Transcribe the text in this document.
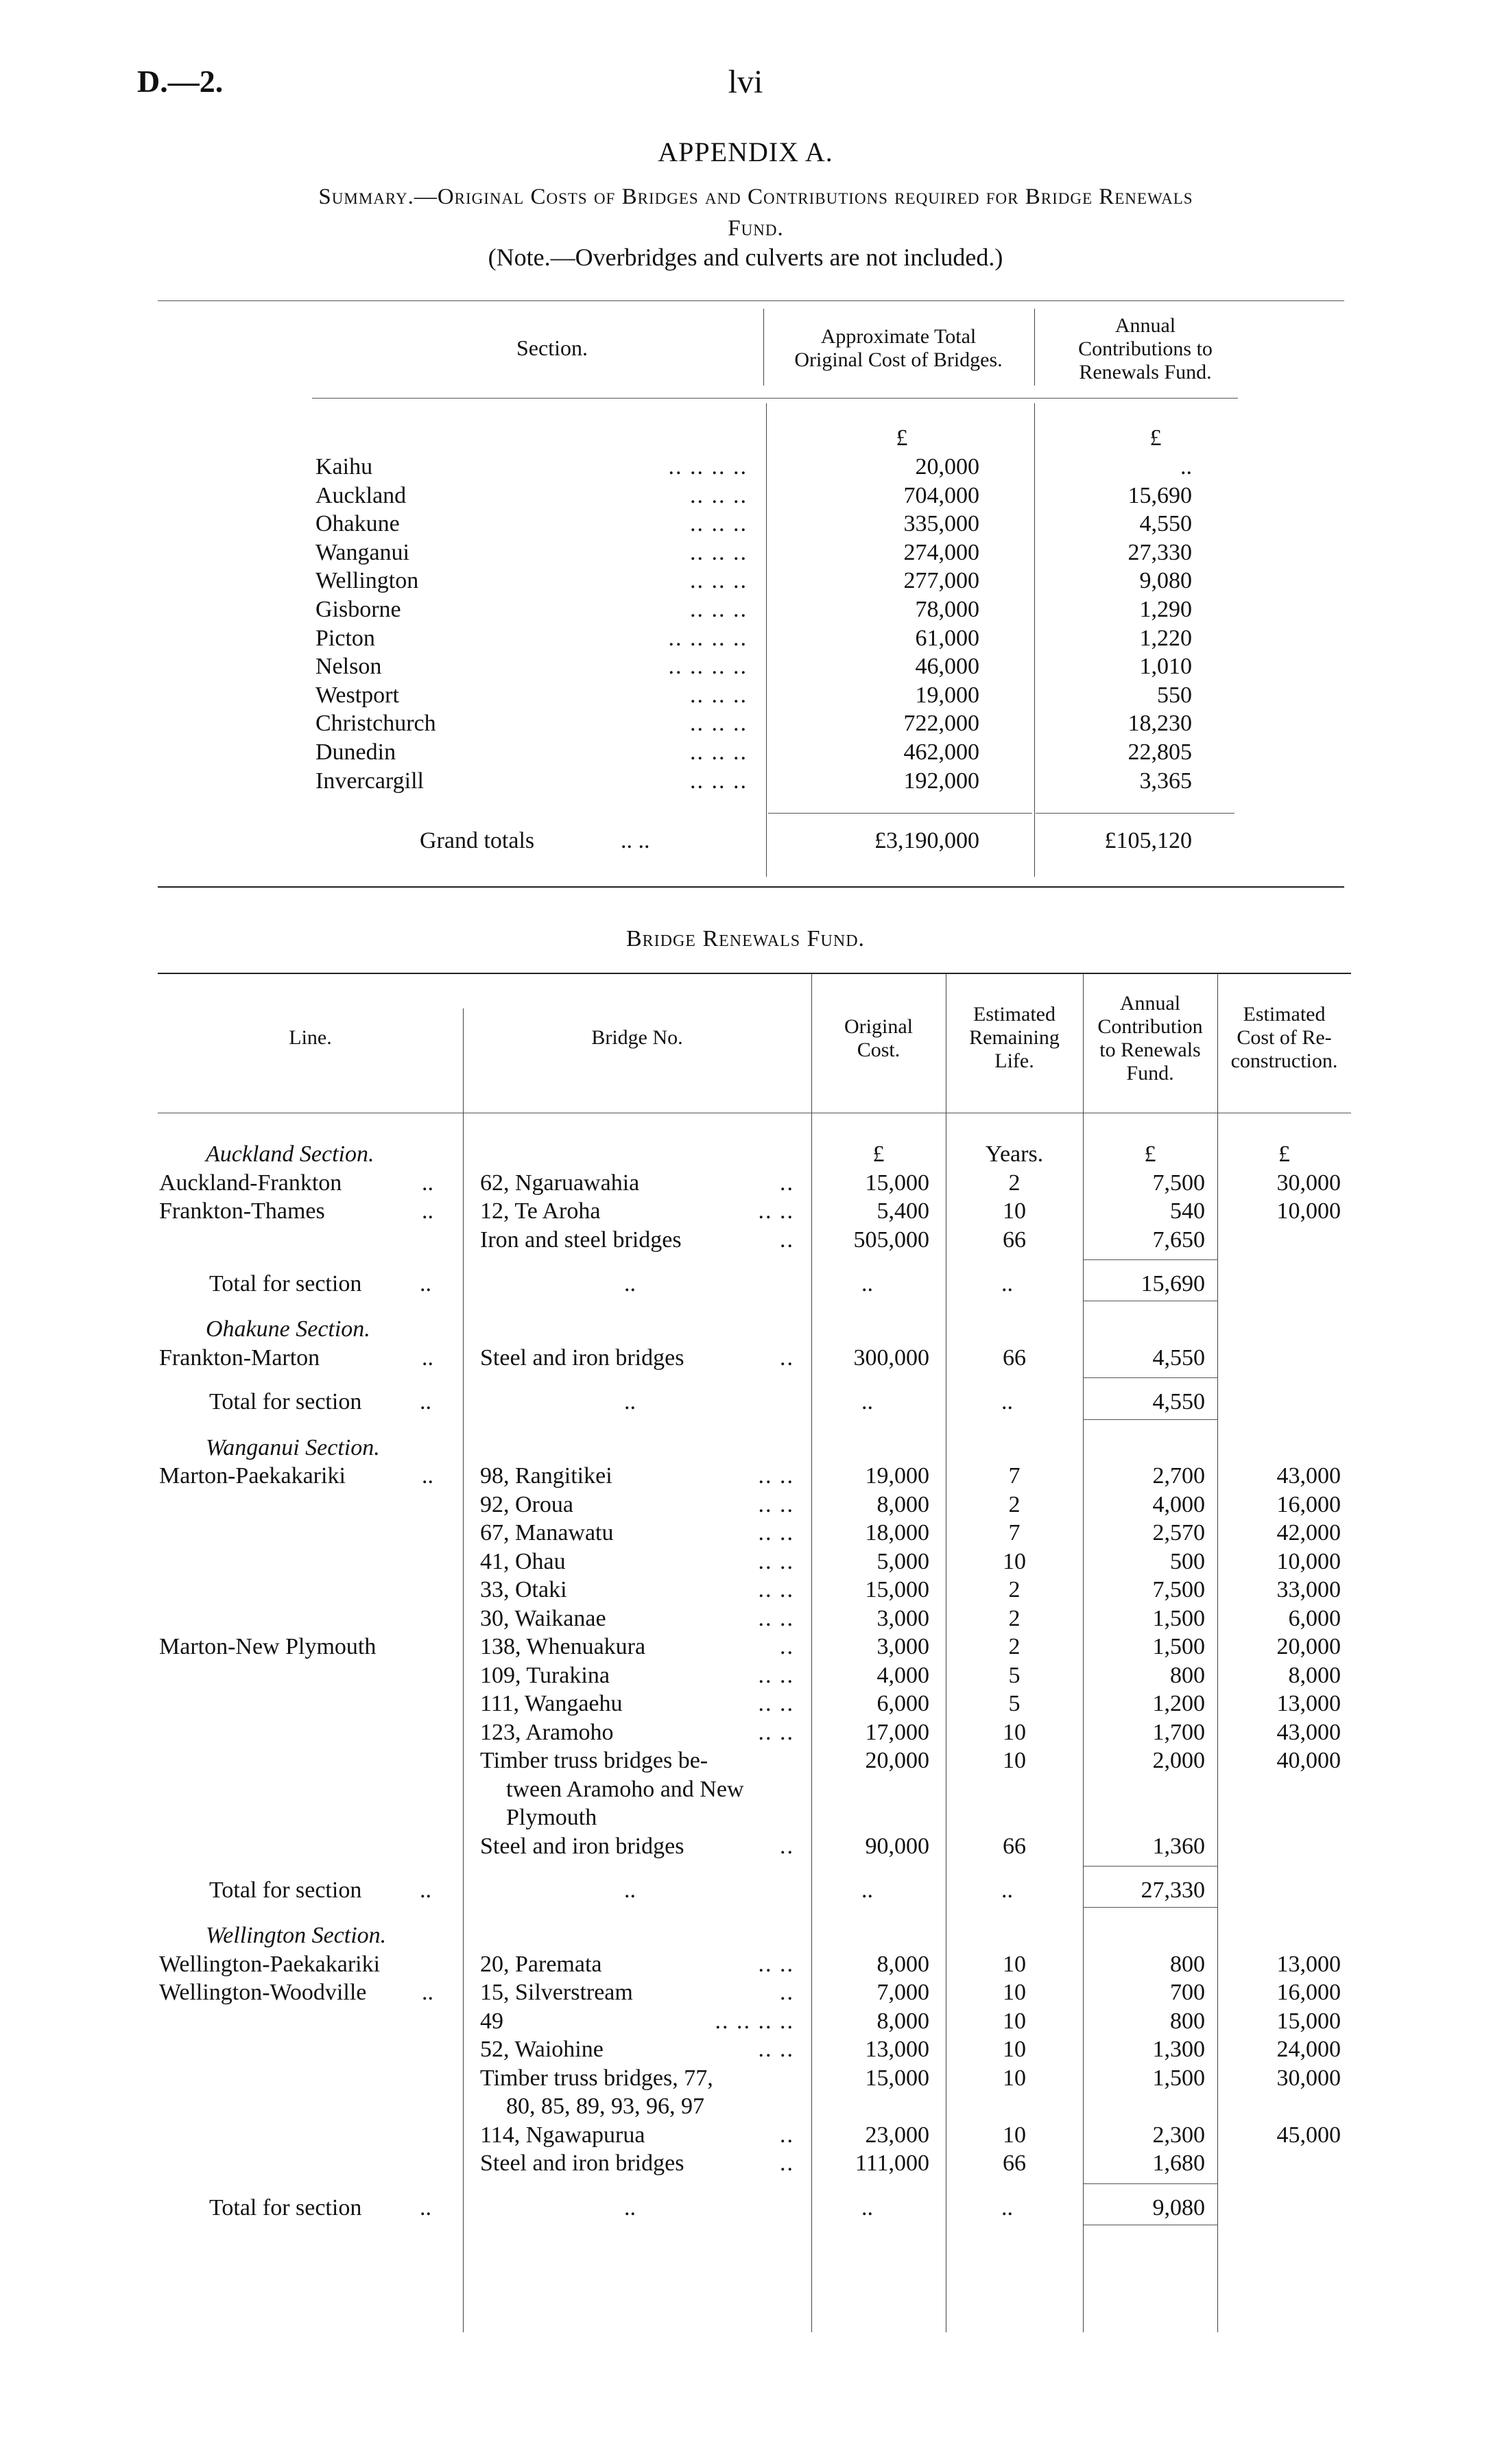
D.—2.	lvi
APPENDIX A.
Summary.—Original Costs of Bridges and Contributions required for Bridge Renewals
Fund.
(Note.—Overbridges and culverts are not included.)
Section.	Approximate Total
Original Cost of Bridges.
Annual
Contributions to
Renewals Fund.
£	£
Kaihu	.. .. .. ..	20,000	..
Auckland	.. .. ..	704,000	15,690
Ohakune	.. .. ..	335,000	4,550
Wanganui	.. .. ..	274,000	27,330
Wellington	.. .. ..	277,000	9,080
Gisborne	.. .. ..	78,000	1,290
Picton	.. .. .. ..	61,000	1,220
Nelson	.. .. .. ..	46,000	1,010
Westport	.. .. ..	19,000	550
Christchurch	.. .. ..	722,000	18,230
Dunedin	.. .. ..	462,000	22,805
Invercargill	.. .. ..	192,000	3,365
Grand totals	.. ..	£3,190,000	£105,120
Bridge Renewals Fund.
Line.	Bridge No.	Original
Cost.
Estimated
Remaining
Life.
Annual
Contribution
to Renewals
Fund.
Estimated
Cost of Re-
construction.
£	Years.	£	£
Auckland Section.
Auckland-Frankton	.. 62, Ngaruawahia	..	15,000	2	7,500	30,000
Frankton-Thames	.. 12, Te Aroha	.. ..	5,400	10	540	10,000
Iron and steel bridges	..	505,000	66	7,650
Total for section ..	..	..	..	15,690
Ohakune Section.
Frankton-Marton	.. Steel and iron bridges	..	300,000	66	4,550
Total for section ..	..	..	..	4,550
Wanganui Section.
Marton-Paekakariki	.. 98, Rangitikei	.. ..	19,000	7	2,700	43,000
92, Oroua	.. ..	8,000	2	4,000	16,000
67, Manawatu	.. ..	18,000	7	2,570	42,000
41, Ohau	.. ..	5,000	10	500	10,000
33, Otaki	.. ..	15,000	2	7,500	33,000
30, Waikanae	.. ..	3,000	2	1,500	6,000
Marton-New Plymouth	138, Whenuakura	..	3,000	2	1,500	20,000
109, Turakina	.. ..	4,000	5	800	8,000
111, Wangaehu	.. ..	6,000	5	1,200	13,000
123, Aramoho	.. ..	17,000	10	1,700	43,000
Timber truss bridges be-	20,000	10	2,000	40,000
tween Aramoho and New
Plymouth
Steel and iron bridges	..	90,000	66	1,360
Total for section ..	..	..	..	27,330
Wellington Section.
Wellington-Paekakariki	20, Paremata	.. ..	8,000	10	800	13,000
Wellington-Woodville .. 15, Silverstream	..	7,000	10	700	16,000
49	.. .. .. ..	8,000	10	800	15,000
52, Waiohine	.. ..	13,000	10	1,300	24,000
Timber truss bridges, 77,	15,000	10	1,500	30,000
80, 85, 89, 93, 96, 97
114, Ngawapurua	..	23,000	10	2,300	45,000
Steel and iron bridges	..	111,000	66	1,680
Total for section ..	..	..	..	9,080
